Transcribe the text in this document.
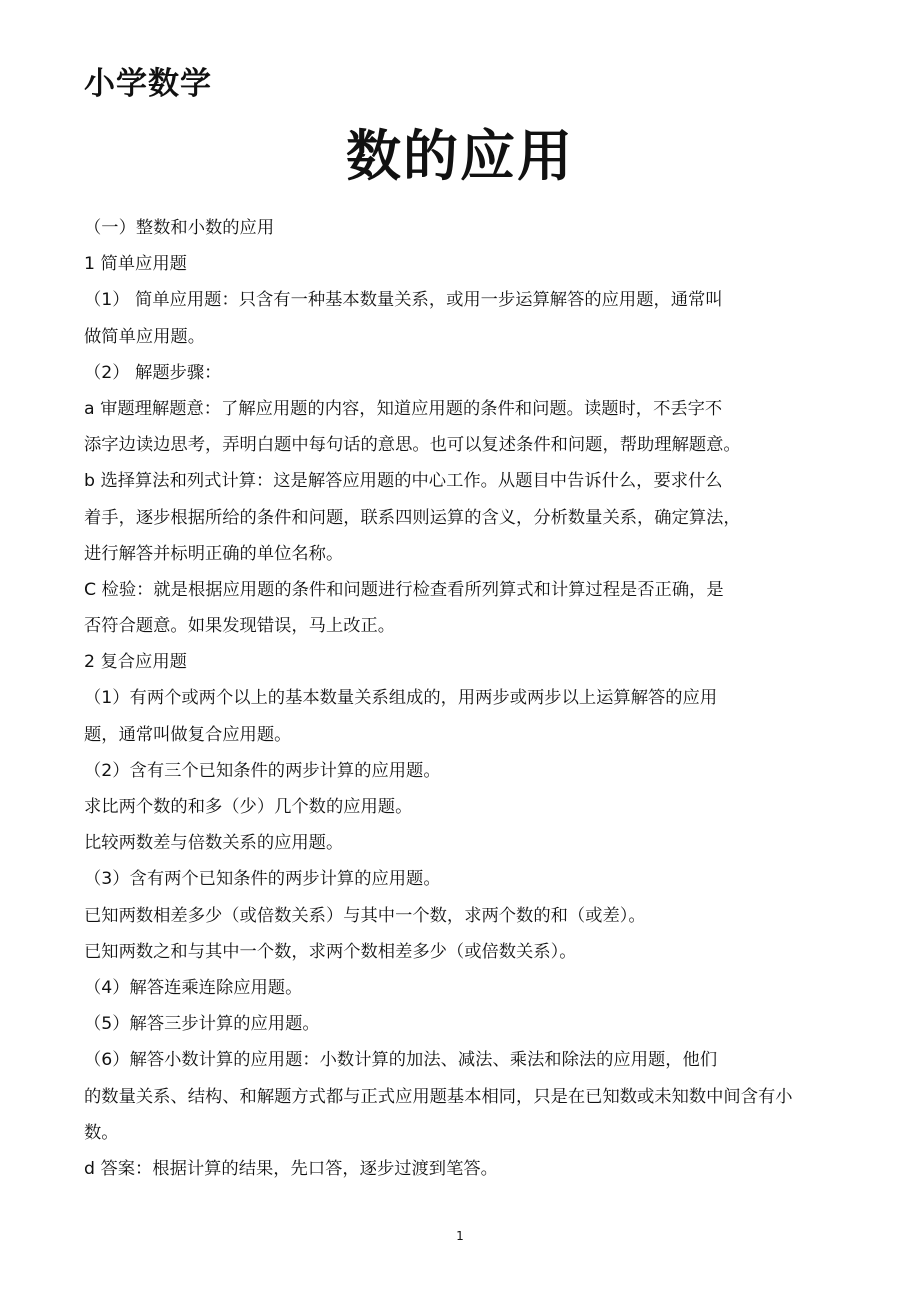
小学数学
数的应用
（一）整数和小数的应用
1 简单应用题
（1） 简单应用题：只含有一种基本数量关系，或用一步运算解答的应用题，通常叫
做简单应用题。
（2） 解题步骤：
a 审题理解题意：了解应用题的内容，知道应用题的条件和问题。读题时，不丢字不
添字边读边思考，弄明白题中每句话的意思。也可以复述条件和问题，帮助理解题意。
b 选择算法和列式计算：这是解答应用题的中心工作。从题目中告诉什么，要求什么
着手，逐步根据所给的条件和问题，联系四则运算的含义，分析数量关系，确定算法，
进行解答并标明正确的单位名称。
C 检验：就是根据应用题的条件和问题进行检查看所列算式和计算过程是否正确，是
否符合题意。如果发现错误，马上改正。
2 复合应用题
（1）有两个或两个以上的基本数量关系组成的，用两步或两步以上运算解答的应用
题，通常叫做复合应用题。
（2）含有三个已知条件的两步计算的应用题。
求比两个数的和多（少）几个数的应用题。
比较两数差与倍数关系的应用题。
（3）含有两个已知条件的两步计算的应用题。
已知两数相差多少（或倍数关系）与其中一个数，求两个数的和（或差）。
已知两数之和与其中一个数，求两个数相差多少（或倍数关系）。
（4）解答连乘连除应用题。
（5）解答三步计算的应用题。
（6）解答小数计算的应用题：小数计算的加法、减法、乘法和除法的应用题，他们
的数量关系、结构、和解题方式都与正式应用题基本相同，只是在已知数或未知数中间含有小
数。
d 答案：根据计算的结果，先口答，逐步过渡到笔答。
1
